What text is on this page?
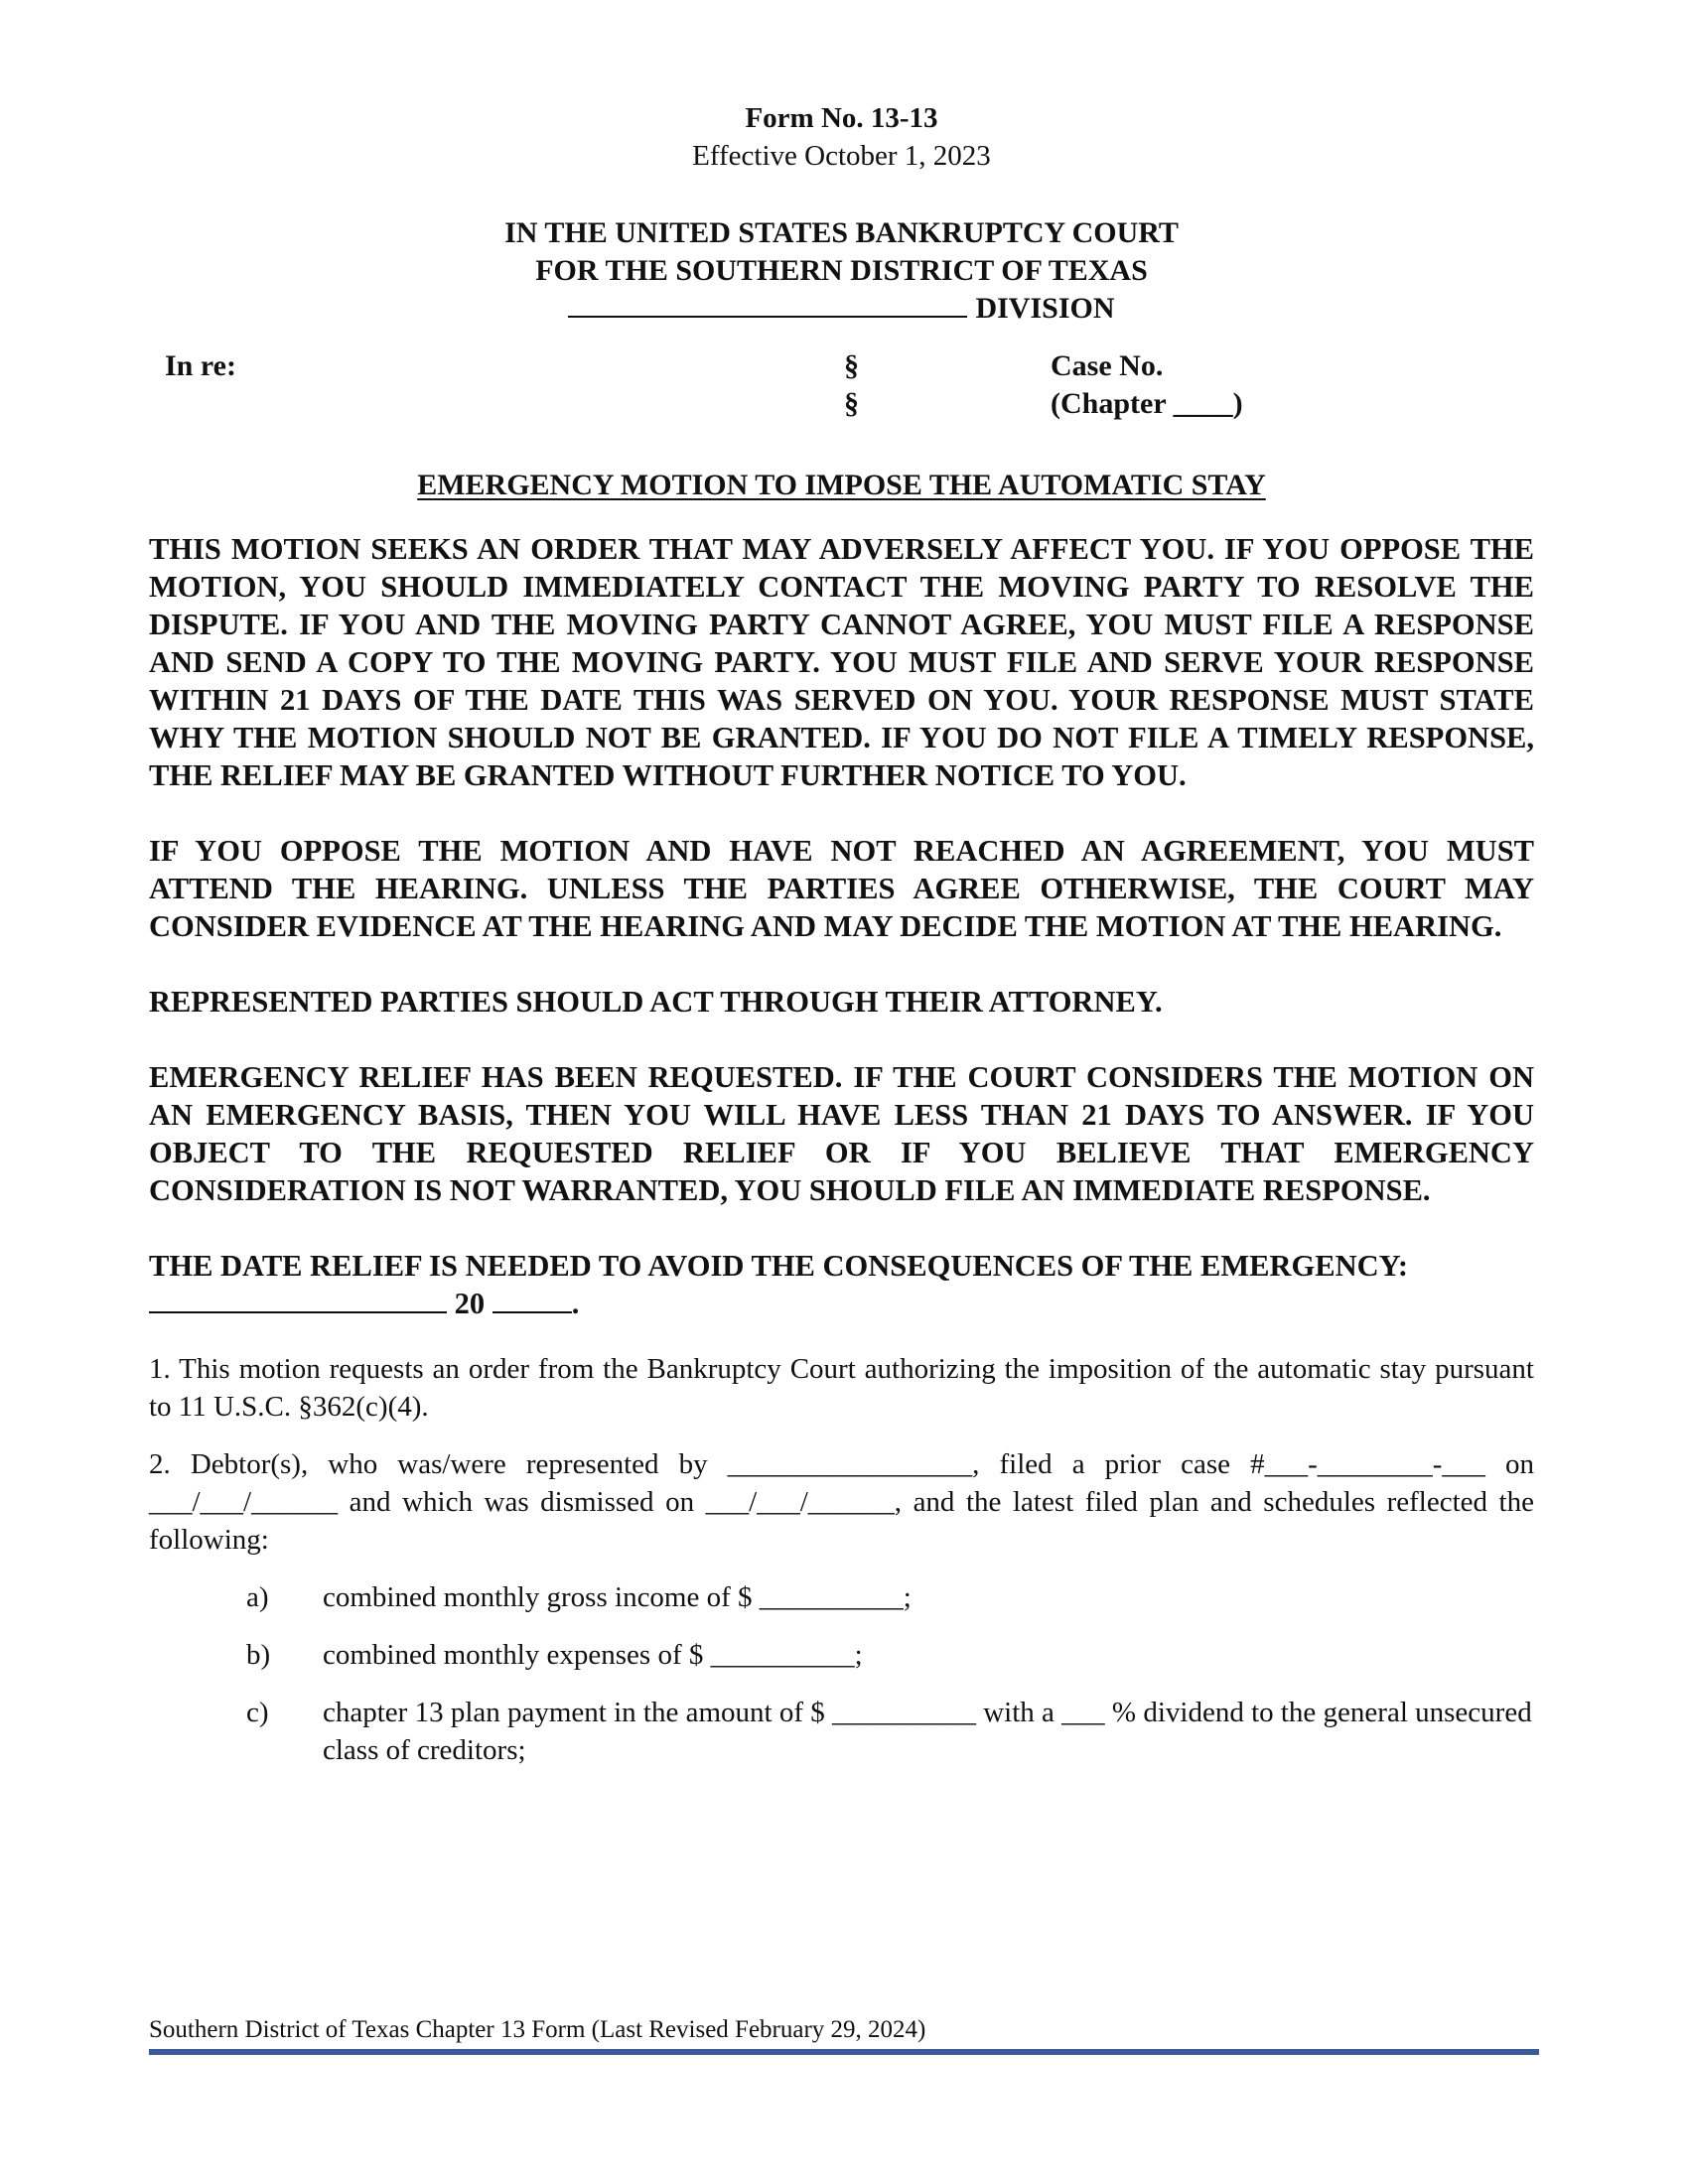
Form No. 13-13
Effective October 1, 2023
IN THE UNITED STATES BANKRUPTCY COURT
FOR THE SOUTHERN DISTRICT OF TEXAS
DIVISION
In re:	§
§
Case No.
(Chapter ____)
EMERGENCY MOTION TO IMPOSE THE AUTOMATIC STAY
THIS MOTION SEEKS AN ORDER THAT MAY ADVERSELY AFFECT YOU. IF YOU OPPOSE THE MOTION, YOU SHOULD IMMEDIATELY CONTACT THE MOVING PARTY TO RESOLVE THE DISPUTE. IF YOU AND THE MOVING PARTY CANNOT AGREE, YOU MUST FILE A RESPONSE AND SEND A COPY TO THE MOVING PARTY. YOU MUST FILE AND SERVE YOUR RESPONSE WITHIN 21 DAYS OF THE DATE THIS WAS SERVED ON YOU. YOUR RESPONSE MUST STATE WHY THE MOTION SHOULD NOT BE GRANTED. IF YOU DO NOT FILE A TIMELY RESPONSE, THE RELIEF MAY BE GRANTED WITHOUT FURTHER NOTICE TO YOU.
IF YOU OPPOSE THE MOTION AND HAVE NOT REACHED AN AGREEMENT, YOU MUST ATTEND THE HEARING. UNLESS THE PARTIES AGREE OTHERWISE, THE COURT MAY CONSIDER EVIDENCE AT THE HEARING AND MAY DECIDE THE MOTION AT THE HEARING.
REPRESENTED PARTIES SHOULD ACT THROUGH THEIR ATTORNEY.
EMERGENCY RELIEF HAS BEEN REQUESTED. IF THE COURT CONSIDERS THE MOTION ON AN EMERGENCY BASIS, THEN YOU WILL HAVE LESS THAN 21 DAYS TO ANSWER. IF YOU OBJECT TO THE REQUESTED RELIEF OR IF YOU BELIEVE THAT EMERGENCY CONSIDERATION IS NOT WARRANTED, YOU SHOULD FILE AN IMMEDIATE RESPONSE.
THE DATE RELIEF IS NEEDED TO AVOID THE CONSEQUENCES OF THE EMERGENCY:
20	.
1. This motion requests an order from the Bankruptcy Court authorizing the imposition of the automatic stay pursuant to 11 U.S.C. §362(c)(4).
2. Debtor(s), who was/were represented by _________________, filed a prior case #___-________-___ on ___/___/______ and which was dismissed on ___/___/______, and the latest filed plan and schedules reflected the following:
a) combined monthly gross income of $ __________;
b) combined monthly expenses of $ __________;
c) chapter 13 plan payment in the amount of $ __________ with a ___ % dividend to the general unsecured class of creditors;
Southern District of Texas Chapter 13 Form (Last Revised February 29, 2024)
